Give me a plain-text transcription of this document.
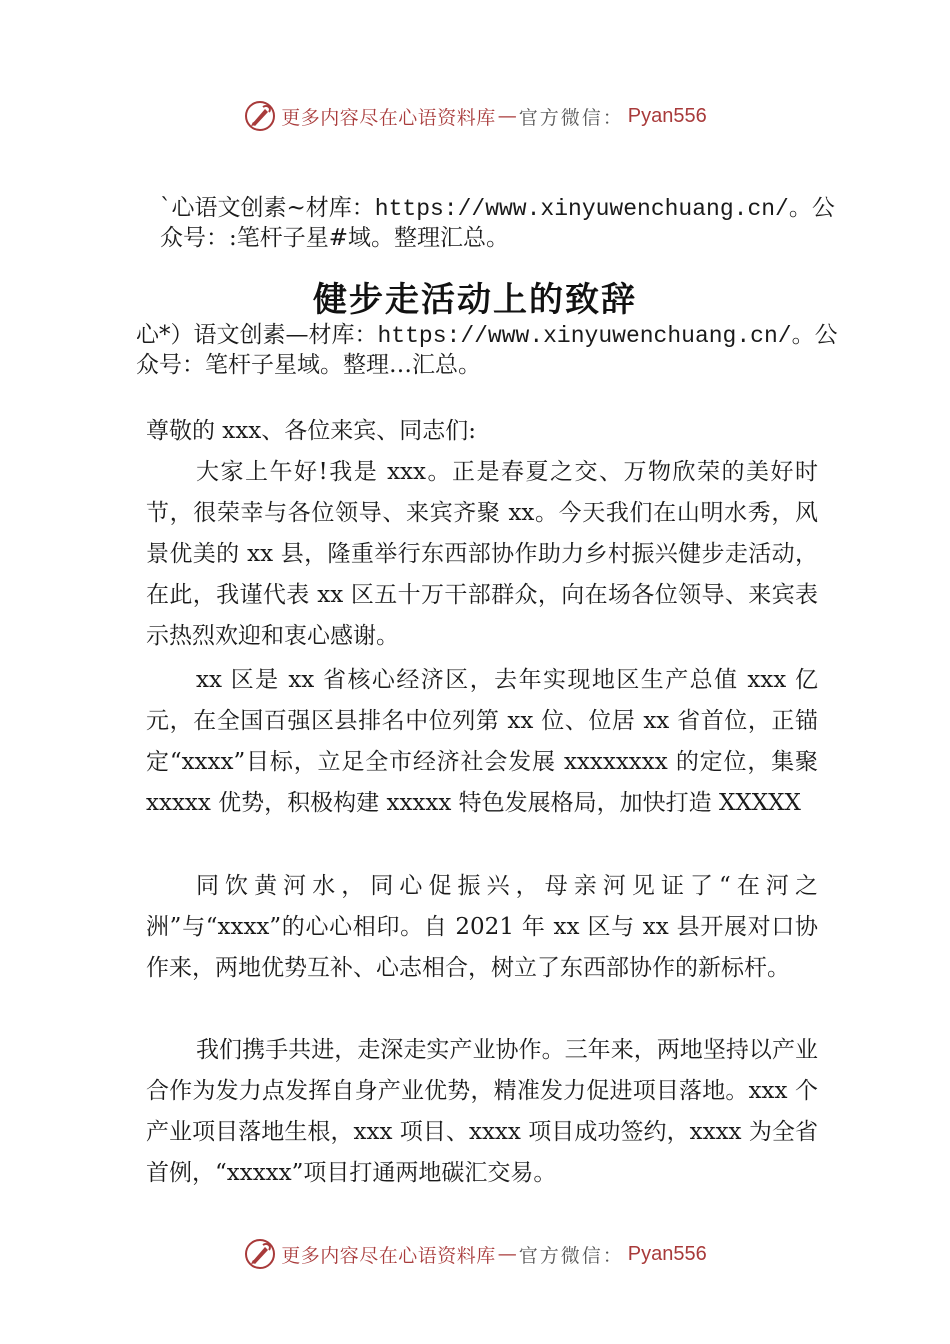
更多内容尽在心语资料库 — 官方微信： Pyan556
`心语文创素~材库：https://www.xinyuwenchuang.cn/。公
众号：:笔杆子星#域。整理汇总。
健步走活动上的致辞
心*）语文创素—材库：https://www.xinyuwenchuang.cn/。公
众号：笔杆子星域。整理…汇总。

尊敬的 xxx、各位来宾、同志们:

大家上午好!我是 xxx。正是春夏之交、万物欣荣的美好时节，很荣幸与各位领导、来宾齐聚 xx。今天我们在山明水秀，风景优美的 xx 县，隆重举行东西部协作助力乡村振兴健步走活动，在此，我谨代表 xx 区五十万干部群众，向在场各位领导、来宾表示热烈欢迎和衷心感谢。

xx 区是 xx 省核心经济区，去年实现地区生产总值 xxx 亿元，在全国百强区县排名中位列第 xx 位、位居 xx 省首位，正锚定“xxxx”目标，立足全市经济社会发展 xxxxxxxx 的定位，集聚 xxxxx 优势，积极构建 xxxxx 特色发展格局，加快打造 XXXXX

同饮黄河水，同心促振兴，母亲河见证了“在河之洲”与“xxxx”的心心相印。自 2021 年 xx 区与 xx 县开展对口协作来，两地优势互补、心志相合，树立了东西部协作的新标杆。

我们携手共进，走深走实产业协作。三年来，两地坚持以产业合作为发力点发挥自身产业优势，精准发力促进项目落地。xxx 个产业项目落地生根，xxx 项目、xxxx 项目成功签约，xxxx 为全省首例，“xxxxx”项目打通两地碳汇交易。

更多内容尽在心语资料库 — 官方微信： Pyan556
